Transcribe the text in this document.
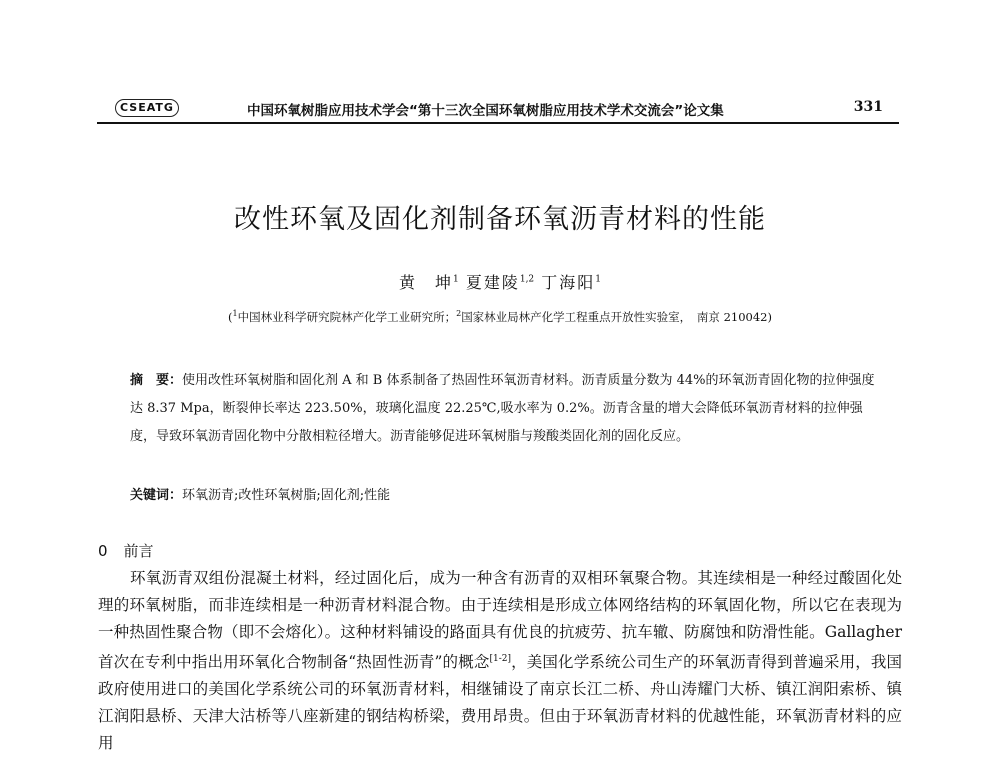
CSEATG	中国环氧树脂应用技术学会“第十三次全国环氧树脂应用技术学术交流会”论文集	331
改性环氧及固化剂制备环氧沥青材料的性能
黄　坤$^1$ 夏建陵$^{1,2}$ 丁海阳$^1$
($^1$中国林业科学研究院林产化学工业研究所；$^2$国家林业局林产化学工程重点开放性实验室，　南京 210042)
摘　要：使用改性环氧树脂和固化剂 A 和 B 体系制备了热固性环氧沥青材料。沥青质量分数为 44%的环氧沥青固化物的拉伸强度达 8.37 Mpa，断裂伸长率达 223.50%，玻璃化温度 22.25℃,吸水率为 0.2%。沥青含量的增大会降低环氧沥青材料的拉伸强度，导致环氧沥青固化物中分散相粒径增大。沥青能够促进环氧树脂与羧酸类固化剂的固化反应。
关键词：环氧沥青;改性环氧树脂;固化剂;性能
0 前言
环氧沥青双组份混凝土材料，经过固化后，成为一种含有沥青的双相环氧聚合物。其连续相是一种经过酸固化处理的环氧树脂，而非连续相是一种沥青材料混合物。由于连续相是形成立体网络结构的环氧固化物，所以它在表现为一种热固性聚合物（即不会熔化）。这种材料铺设的路面具有优良的抗疲劳、抗车辙、防腐蚀和防滑性能。Gallagher 首次在专利中指出用环氧化合物制备“热固性沥青”的概念[1-2]，美国化学系统公司生产的环氧沥青得到普遍采用，我国政府使用进口的美国化学系统公司的环氧沥青材料，相继铺设了南京长江二桥、舟山涛耀门大桥、镇江润阳索桥、镇江润阳悬桥、天津大沽桥等八座新建的钢结构桥梁，费用昂贵。但由于环氧沥青材料的优越性能，环氧沥青材料的应用
